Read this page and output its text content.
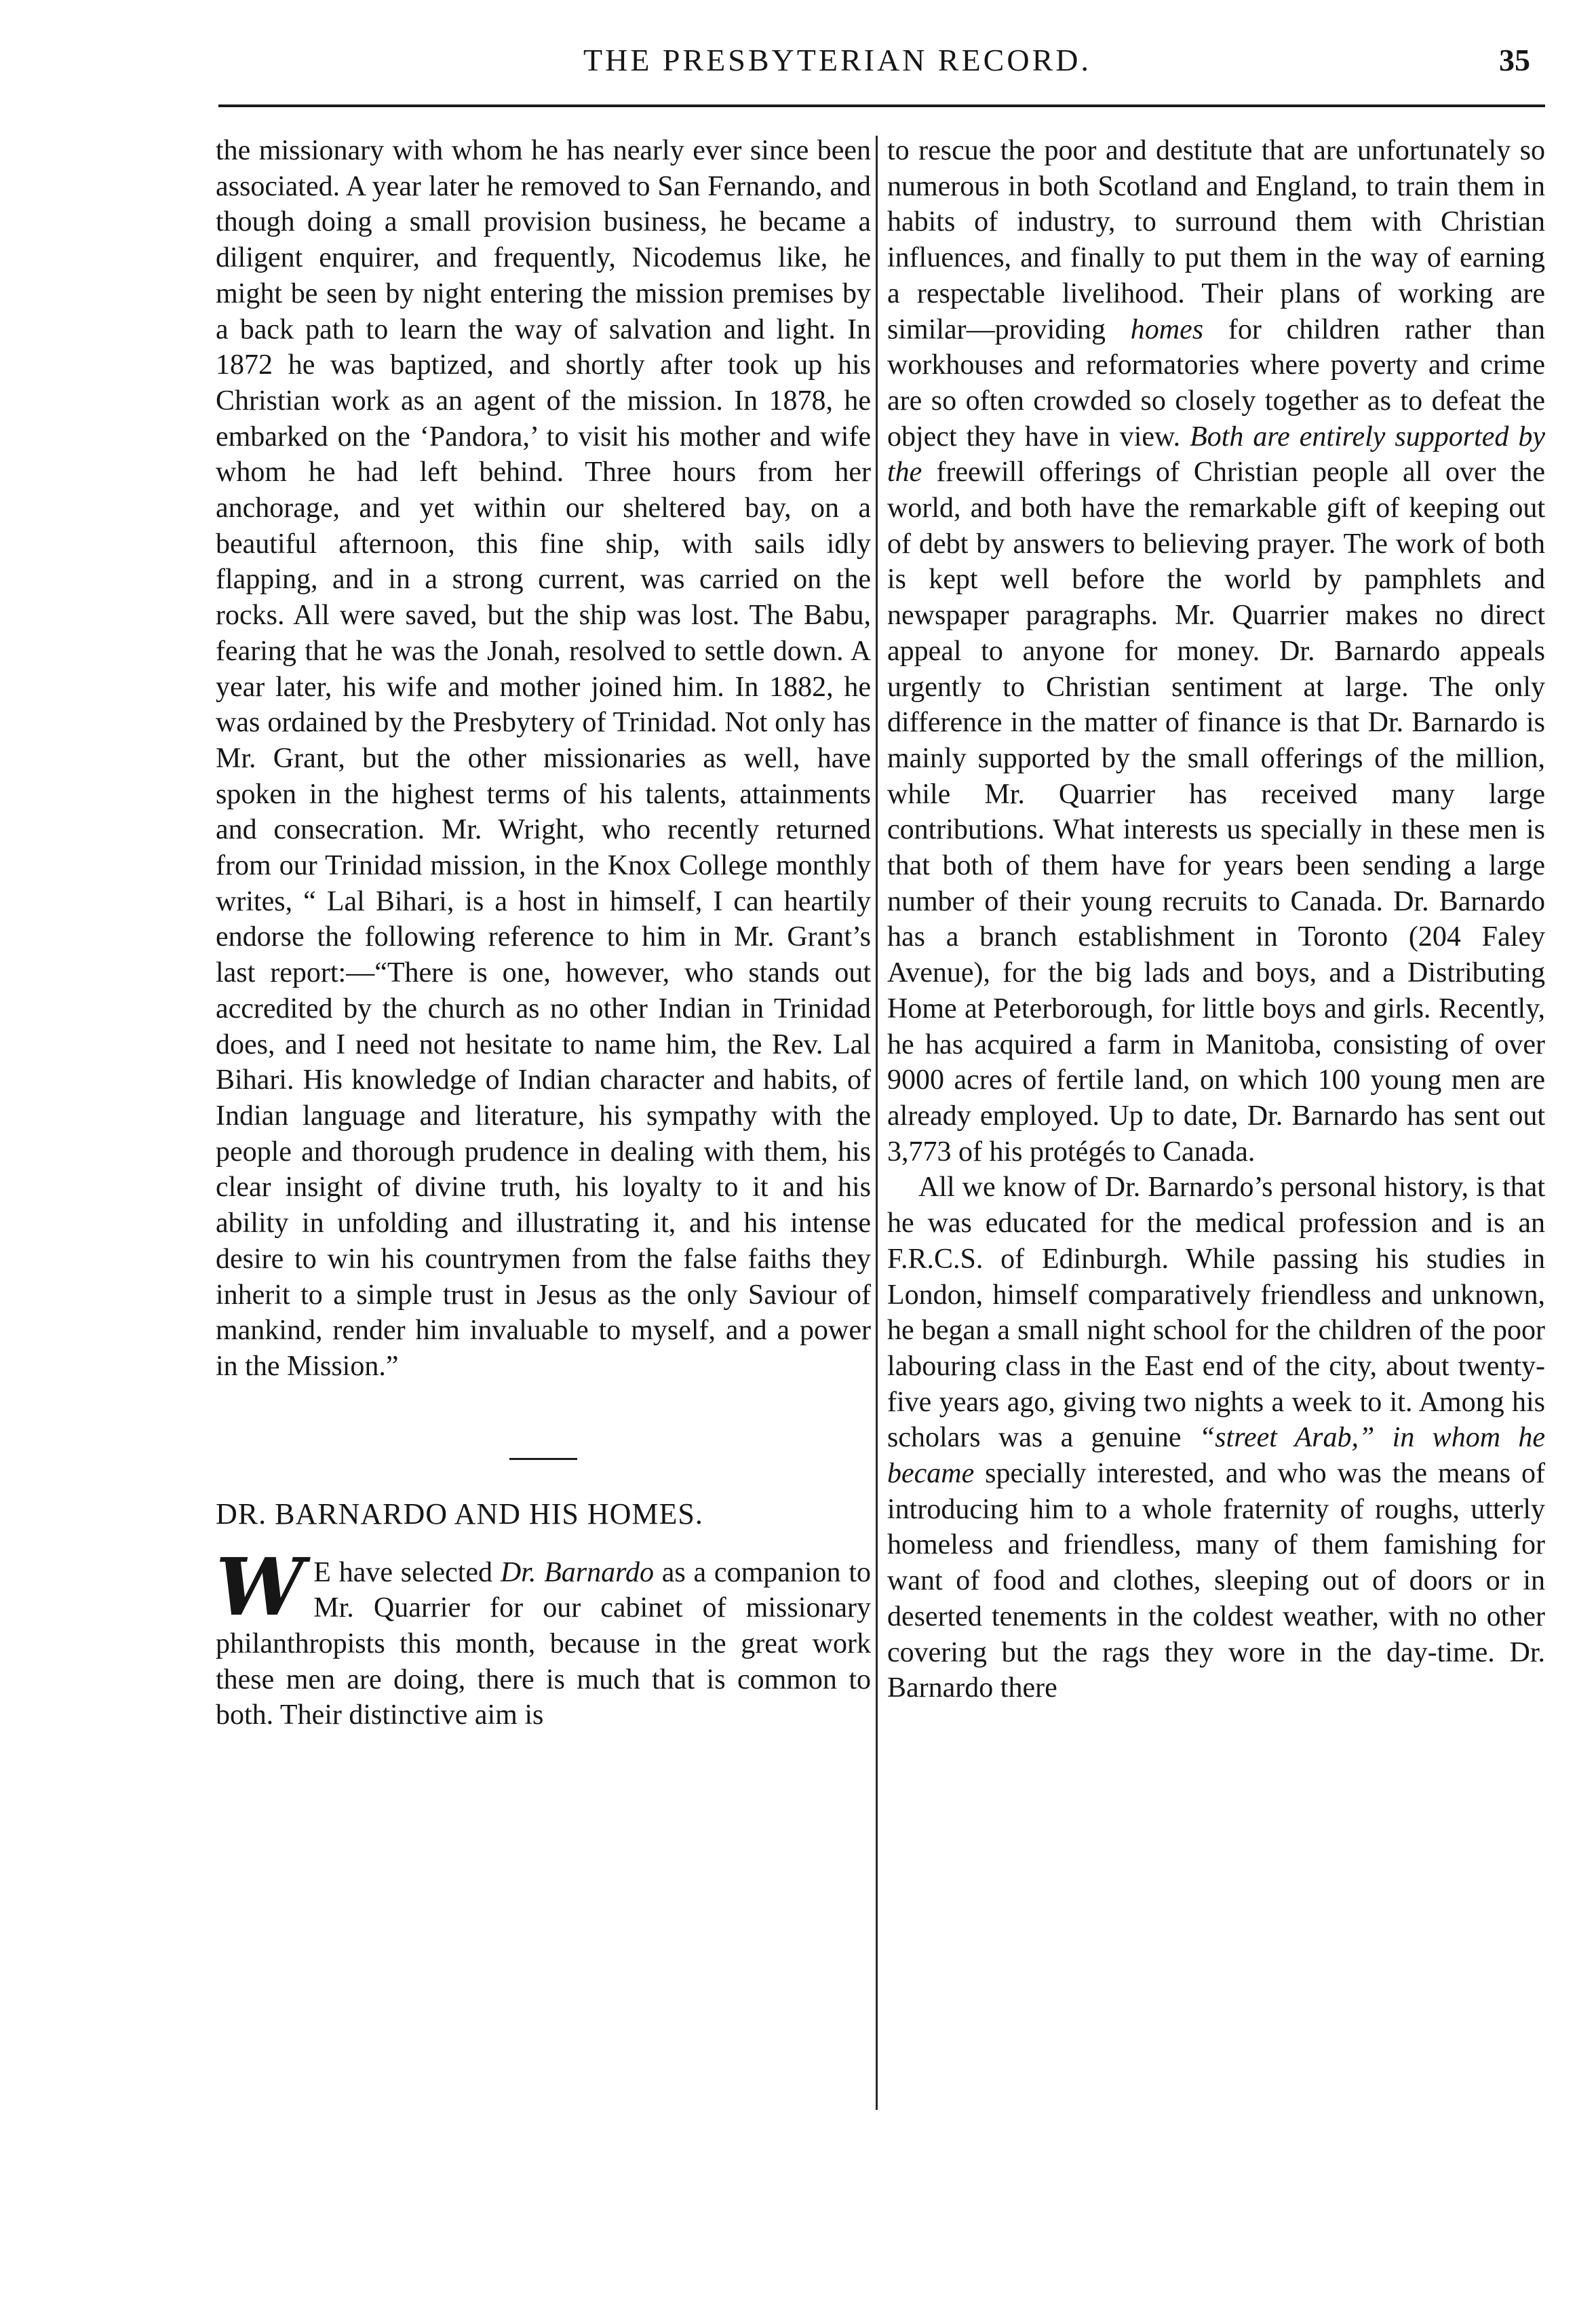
THE PRESBYTERIAN RECORD.	35

the missionary with whom he has nearly ever since been associated. A year later he removed to San Fernando, and though doing a small provision business, he became a diligent enquirer, and frequently, Nicodemus like, he might be seen by night entering the mission premises by a back path to learn the way of salvation and light. In 1872 he was baptized, and shortly after took up his Christian work as an agent of the mission. In 1878, he embarked on the ‘Pandora,’ to visit his mother and wife whom he had left behind. Three hours from her anchorage, and yet within our sheltered bay, on a beautiful afternoon, this fine ship, with sails idly flapping, and in a strong current, was carried on the rocks. All were saved, but the ship was lost. The Babu, fearing that he was the Jonah, resolved to settle down. A year later, his wife and mother joined him. In 1882, he was ordained by the Presbytery of Trinidad. Not only has Mr. Grant, but the other missionaries as well, have spoken in the highest terms of his talents, attainments and consecration. Mr. Wright, who recently returned from our Trinidad mission, in the Knox College monthly writes, “ Lal Bihari, is a host in himself, I can heartily endorse the following reference to him in Mr. Grant’s last report:—“There is one, however, who stands out accredited by the church as no other Indian in Trinidad does, and I need not hesitate to name him, the Rev. Lal Bihari. His knowledge of Indian character and habits, of Indian language and literature, his sympathy with the people and thorough prudence in dealing with them, his clear insight of divine truth, his loyalty to it and his ability in unfolding and illustrating it, and his intense desire to win his countrymen from the false faiths they inherit to a simple trust in Jesus as the only Saviour of mankind, render him invaluable to myself, and a power in the Mission.”

DR. BARNARDO AND HIS HOMES.

W E have selected Dr. Barnardo as a companion to Mr. Quarrier for our cabinet of missionary philanthropists this month, because in the great work these men are doing, there is much that is common to both. Their distinctive aim is

to rescue the poor and destitute that are unfortunately so numerous in both Scotland and England, to train them in habits of industry, to surround them with Christian influences, and finally to put them in the way of earning a respectable livelihood. Their plans of working are similar—providing homes for children rather than workhouses and reformatories where poverty and crime are so often crowded so closely together as to defeat the object they have in view. Both are entirely supported by the freewill offerings of Christian people all over the world, and both have the remarkable gift of keeping out of debt by answers to believing prayer. The work of both is kept well before the world by pamphlets and newspaper paragraphs. Mr. Quarrier makes no direct appeal to anyone for money. Dr. Barnardo appeals urgently to Christian sentiment at large. The only difference in the matter of finance is that Dr. Barnardo is mainly supported by the small offerings of the million, while Mr. Quarrier has received many large contributions. What interests us specially in these men is that both of them have for years been sending a large number of their young recruits to Canada. Dr. Barnardo has a branch establishment in Toronto (204 Faley Avenue), for the big lads and boys, and a Distributing Home at Peterborough, for little boys and girls. Recently, he has acquired a farm in Manitoba, consisting of over 9000 acres of fertile land, on which 100 young men are already employed. Up to date, Dr. Barnardo has sent out 3,773 of his protégés to Canada.

All we know of Dr. Barnardo’s personal history, is that he was educated for the medical profession and is an F.R.C.S. of Edinburgh. While passing his studies in London, himself comparatively friendless and unknown, he began a small night school for the children of the poor labouring class in the East end of the city, about twenty-five years ago, giving two nights a week to it. Among his scholars was a genuine “street Arab,” in whom he became specially interested, and who was the means of introducing him to a whole fraternity of roughs, utterly homeless and friendless, many of them famishing for want of food and clothes, sleeping out of doors or in deserted tenements in the coldest weather, with no other covering but the rags they wore in the day-time. Dr. Barnardo there
